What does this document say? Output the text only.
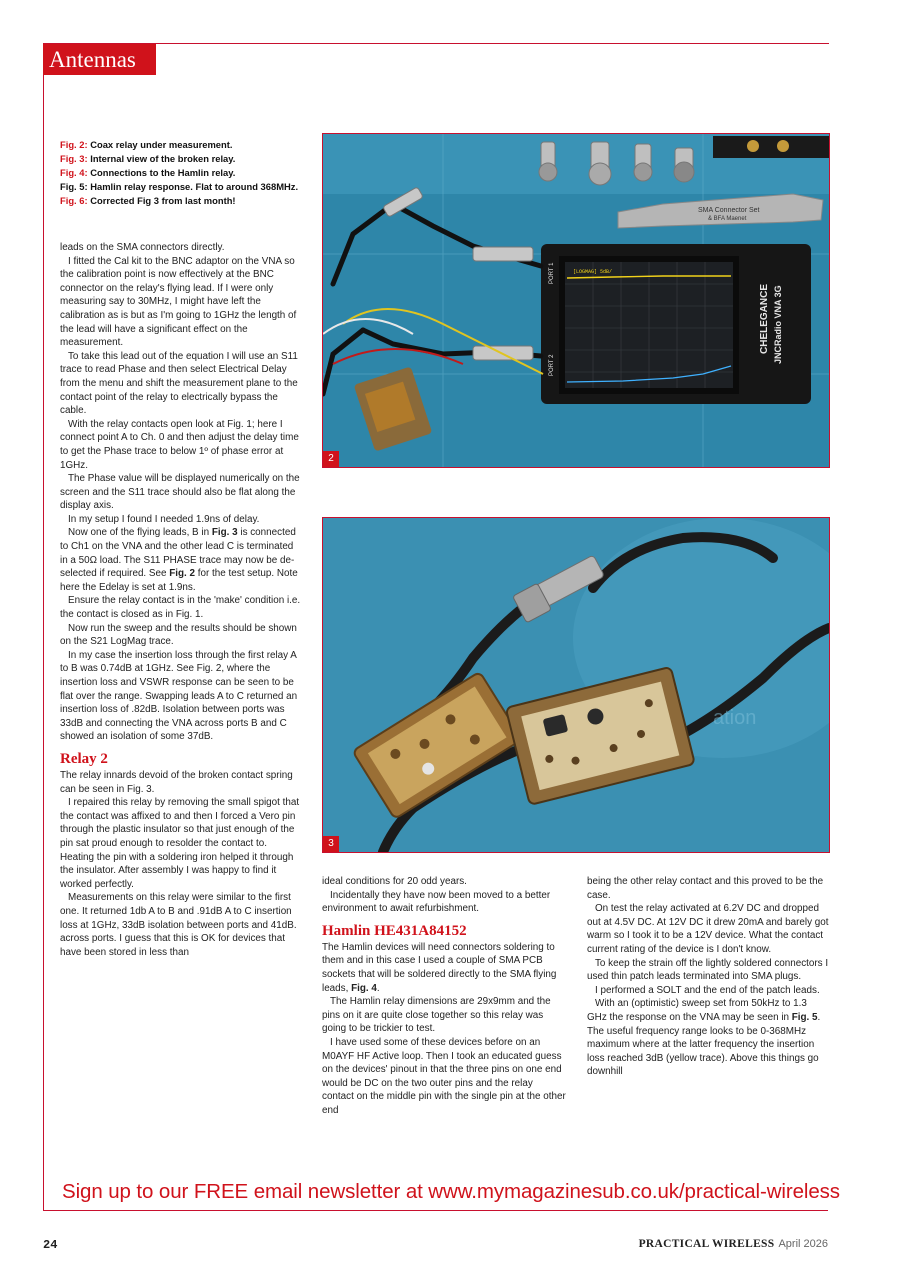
Antennas
Fig. 2: Coax relay under measurement.
Fig. 3: Internal view of the broken relay.
Fig. 4: Connections to the Hamlin relay.
Fig. 5: Hamlin relay response. Flat to around 368MHz. Fig. 6: Corrected Fig 3 from last month!

leads on the SMA connectors directly.

I fitted the Cal kit to the BNC adaptor on the VNA so the calibration point is now effectively at the BNC connector on the relay's flying lead. If I were only measuring say to 30MHz, I might have left the calibration as is but as I'm going to 1GHz the length of the lead will have a significant effect on the measurement.

To take this lead out of the equation I will use an S11 trace to read Phase and then select Electrical Delay from the menu and shift the measurement plane to the contact point of the relay to electrically bypass the cable.

With the relay contacts open look at Fig. 1; here I connect point A to Ch. 0 and then adjust the delay time to get the Phase trace to below 1º of phase error at 1GHz.

The Phase value will be displayed numerically on the screen and the S11 trace should also be flat along the display axis.

In my setup I found I needed 1.9ns of delay.

Now one of the flying leads, B in Fig. 3 is connected to Ch1 on the VNA and the other lead C is terminated in a 50Ω load. The S11 PHASE trace may now be de-selected if required. See Fig. 2 for the test setup. Note here the Edelay is set at 1.9ns.

Ensure the relay contact is in the 'make' condition i.e. the contact is closed as in Fig. 1.

Now run the sweep and the results should be shown on the S21 LogMag trace.

In my case the insertion loss through the first relay A to B was 0.74dB at 1GHz. See Fig. 2, where the insertion loss and VSWR response can be seen to be flat over the range. Swapping leads A to C returned an insertion loss of .82dB. Isolation between ports was 33dB and connecting the VNA across ports B and C showed an isolation of some 37dB.

Relay 2

The relay innards devoid of the broken contact spring can be seen in Fig. 3.

I repaired this relay by removing the small spigot that the contact was affixed to and then I forced a Vero pin through the plastic insulator so that just enough of the pin sat proud enough to resolder the contact to. Heating the pin with a soldering iron helped it through the insulator. After assembly I was happy to find it worked perfectly.

Measurements on this relay were similar to the first one. It returned 1db A to B and .91dB A to C insertion loss at 1GHz, 33dB isolation between ports and 41dB. across ports. I guess that this is OK for devices that have been stored in less than

SMA Connector Set
& BFA Maenet
[LOGMAG] 5dB/
CHELEGANCE JNCRadio VNA 3G
PORT 1
PORT 2
2
ation
3

ideal conditions for 20 odd years.

Incidentally they have now been moved to a better environment to await refurbishment.

Hamlin HE431A84152

The Hamlin devices will need connectors soldering to them and in this case I used a couple of SMA PCB sockets that will be soldered directly to the SMA flying leads, Fig. 4.

The Hamlin relay dimensions are 29x9mm and the pins on it are quite close together so this relay was going to be trickier to test.

I have used some of these devices before on an M0AYF HF Active loop. Then I took an educated guess on the devices' pinout in that the three pins on one end would be DC on the two outer pins and the relay contact on the middle pin with the single pin at the other end

being the other relay contact and this proved to be the case.

On test the relay activated at 6.2V DC and dropped out at 4.5V DC. At 12V DC it drew 20mA and barely got warm so I took it to be a 12V device. What the contact current rating of the device is I don't know.

To keep the strain off the lightly soldered connectors I used thin patch leads terminated into SMA plugs.

I performed a SOLT and the end of the patch leads.

With an (optimistic) sweep set from 50kHz to 1.3 GHz the response on the VNA may be seen in Fig. 5. The useful frequency range looks to be 0-368MHz maximum where at the latter frequency the insertion loss reached 3dB (yellow trace). Above this things go downhill

Sign up to our FREE email newsletter at www.mymagazinesub.co.uk/practical-wireless
24	PRACTICAL WIRELESS April 2026
